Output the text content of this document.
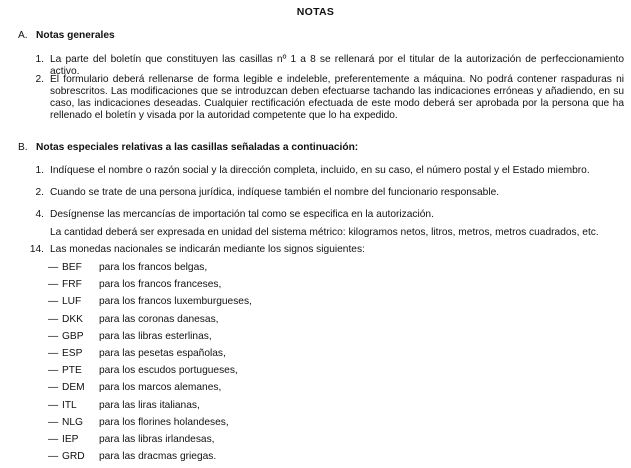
NOTAS
A. Notas generales
1. La parte del boletín que constituyen las casillas nº 1 a 8 se rellenará por el titular de la autorización de perfeccionamiento activo.
2. El formulario deberá rellenarse de forma legible e indeleble, preferentemente a máquina. No podrá contener raspaduras ni sobrescritos. Las modificaciones que se introduzcan deben efectuarse tachando las indicaciones erróneas y añadiendo, en su caso, las indicaciones deseadas. Cualquier rectificación efectuada de este modo deberá ser aprobada por la persona que ha rellenado el boletín y visada por la autoridad competente que lo ha expedido.
B. Notas especiales relativas a las casillas señaladas a continuación:
1. Indíquese el nombre o razón social y la dirección completa, incluido, en su caso, el número postal y el Estado miembro.
2. Cuando se trate de una persona jurídica, indíquese también el nombre del funcionario responsable.
4. Desígnense las mercancías de importación tal como se especifica en la autorización.
La cantidad deberá ser expresada en unidad del sistema métrico: kilogramos netos, litros, metros, metros cuadrados, etc.
14. Las monedas nacionales se indicarán mediante los signos siguientes:
— BEF para los francos belgas,
— FRF para los francos franceses,
— LUF para los francos luxemburgueses,
— DKK para las coronas danesas,
— GBP para las libras esterlinas,
— ESP para las pesetas españolas,
— PTE para los escudos portugueses,
— DEM para los marcos alemanes,
— ITL para las liras italianas,
— NLG para los florines holandeses,
— IEP para las libras irlandesas,
— GRD para las dracmas griegas.
